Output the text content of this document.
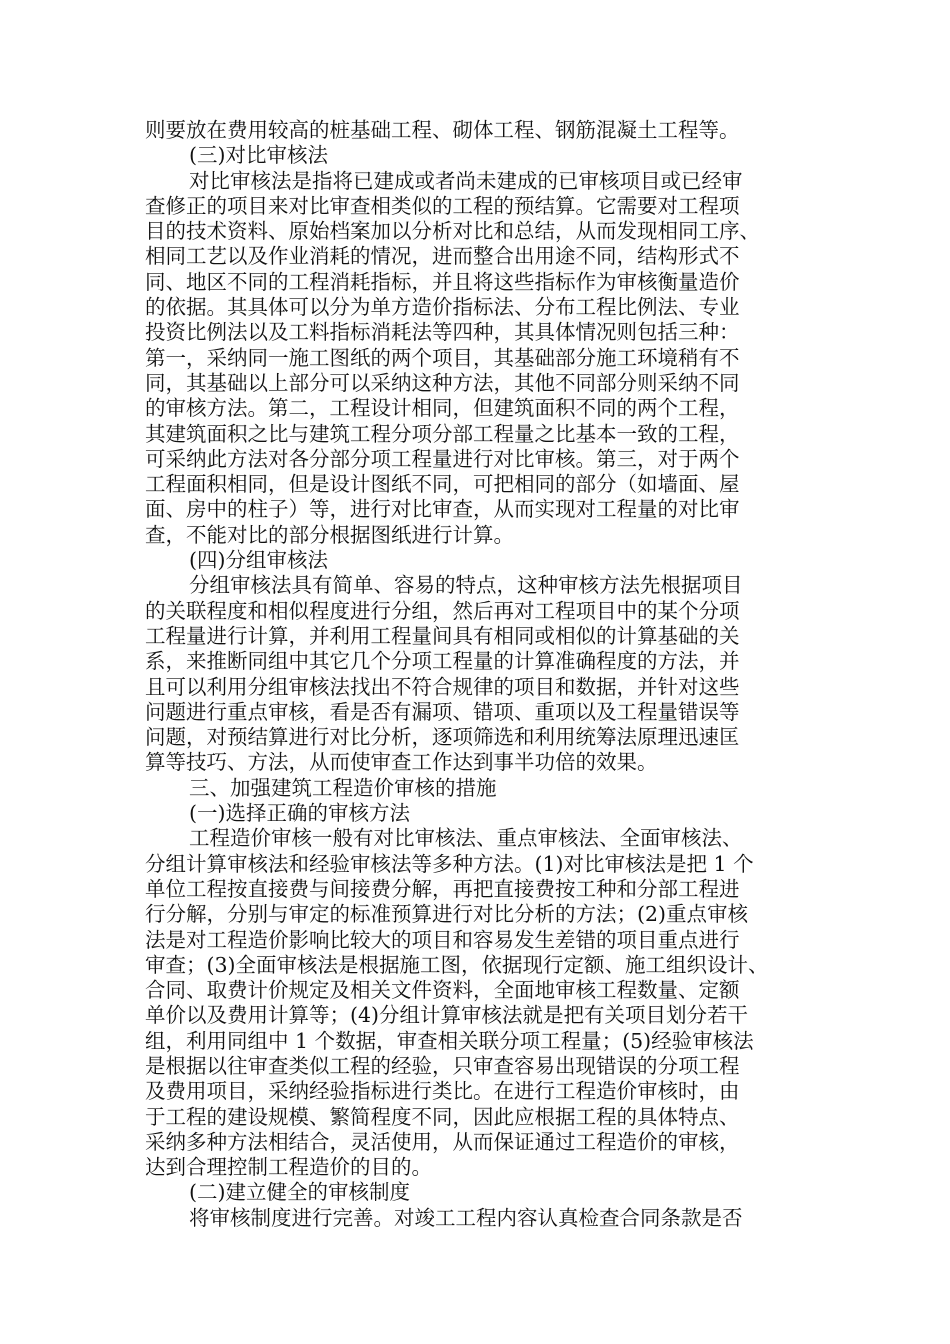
则要放在费用较高的桩基础工程、砌体工程、钢筋混凝土工程等。
(三)对比审核法
对比审核法是指将已建成或者尚未建成的已审核项目或已经审
查修正的项目来对比审查相类似的工程的预结算。它需要对工程项
目的技术资料、原始档案加以分析对比和总结，从而发现相同工序、
相同工艺以及作业消耗的情况，进而整合出用途不同，结构形式不
同、地区不同的工程消耗指标，并且将这些指标作为审核衡量造价
的依据。其具体可以分为单方造价指标法、分布工程比例法、专业
投资比例法以及工料指标消耗法等四种，其具体情况则包括三种：
第一，采纳同一施工图纸的两个项目，其基础部分施工环境稍有不
同，其基础以上部分可以采纳这种方法，其他不同部分则采纳不同
的审核方法。第二，工程设计相同，但建筑面积不同的两个工程，
其建筑面积之比与建筑工程分项分部工程量之比基本一致的工程，
可采纳此方法对各分部分项工程量进行对比审核。第三，对于两个
工程面积相同，但是设计图纸不同，可把相同的部分（如墙面、屋
面、房中的柱子）等，进行对比审查，从而实现对工程量的对比审
查，不能对比的部分根据图纸进行计算。
(四)分组审核法
分组审核法具有简单、容易的特点，这种审核方法先根据项目
的关联程度和相似程度进行分组，然后再对工程项目中的某个分项
工程量进行计算，并利用工程量间具有相同或相似的计算基础的关
系，来推断同组中其它几个分项工程量的计算准确程度的方法，并
且可以利用分组审核法找出不符合规律的项目和数据，并针对这些
问题进行重点审核，看是否有漏项、错项、重项以及工程量错误等
问题，对预结算进行对比分析，逐项筛选和利用统筹法原理迅速匡
算等技巧、方法，从而使审查工作达到事半功倍的效果。
三、加强建筑工程造价审核的措施
(一)选择正确的审核方法
工程造价审核一般有对比审核法、重点审核法、全面审核法、
分组计算审核法和经验审核法等多种方法。(1)对比审核法是把 1 个
单位工程按直接费与间接费分解，再把直接费按工种和分部工程进
行分解，分别与审定的标准预算进行对比分析的方法；(2)重点审核
法是对工程造价影响比较大的项目和容易发生差错的项目重点进行
审查；(3)全面审核法是根据施工图，依据现行定额、施工组织设计、
合同、取费计价规定及相关文件资料，全面地审核工程数量、定额
单价以及费用计算等；(4)分组计算审核法就是把有关项目划分若干
组，利用同组中 1 个数据，审查相关联分项工程量；(5)经验审核法
是根据以往审查类似工程的经验，只审查容易出现错误的分项工程
及费用项目，采纳经验指标进行类比。在进行工程造价审核时，由
于工程的建设规模、繁简程度不同，因此应根据工程的具体特点、
采纳多种方法相结合，灵活使用，从而保证通过工程造价的审核，
达到合理控制工程造价的目的。
(二)建立健全的审核制度
将审核制度进行完善。对竣工工程内容认真检查合同条款是否
